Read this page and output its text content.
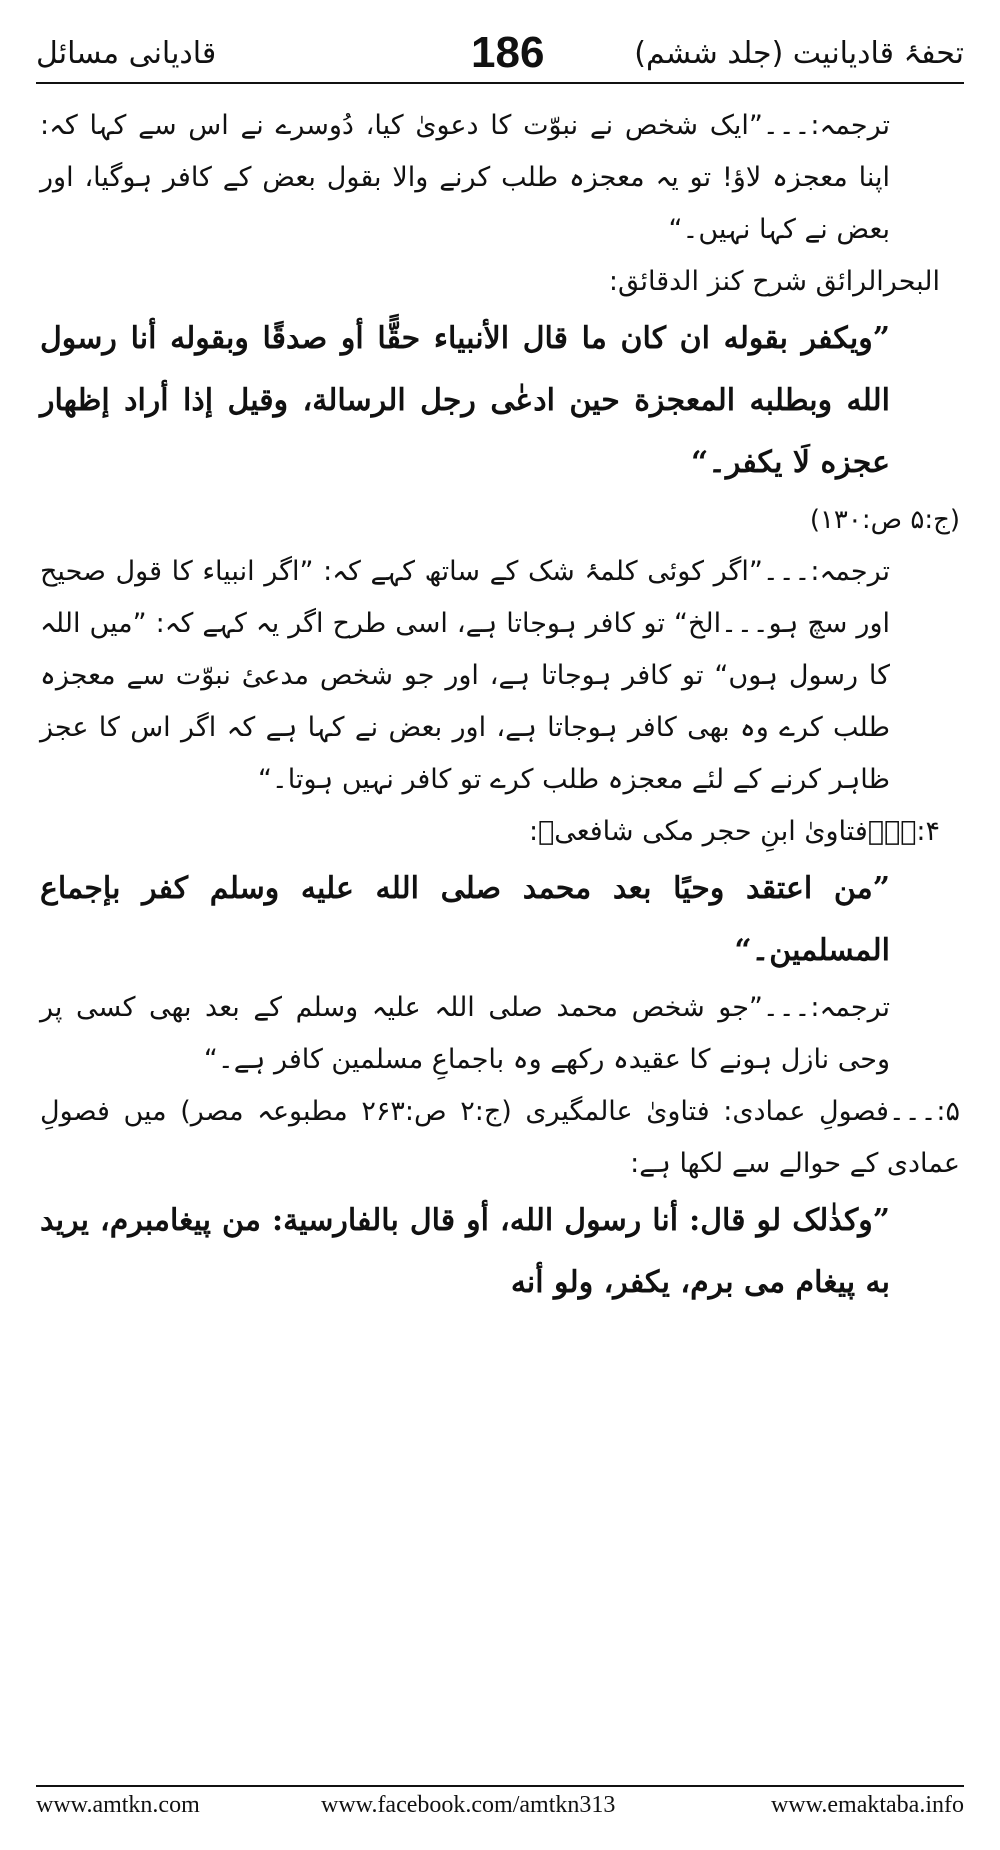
قادیانی مسائل	186	تحفۂ قادیانیت (جلد ششم)

ترجمہ:۔۔۔”ایک شخص نے نبوّت کا دعویٰ کیا، دُوسرے نے اس سے کہا کہ: اپنا معجزہ لاؤ! تو یہ معجزہ طلب کرنے والا بقول بعض کے کافر ہوگیا، اور بعض نے کہا نہیں۔“

البحرالرائق شرح کنز الدقائق:

”ویکفر بقوله ان کان ما قال الأنبیاء حقًّا أو صدقًا وبقوله أنا رسول الله وبطلبه المعجزة حین ادعٰی رجل الرسالة، وقیل إذا أراد إظهار عجزه لَا یکفر۔“

(ج:۵ ص:۱۳۰)

ترجمہ:۔۔۔”اگر کوئی کلمۂ شک کے ساتھ کہے کہ: ”اگر انبیاء کا قول صحیح اور سچ ہو۔۔۔الخ“ تو کافر ہوجاتا ہے، اسی طرح اگر یہ کہے کہ: ”میں اللہ کا رسول ہوں“ تو کافر ہوجاتا ہے، اور جو شخص مدعیٔ نبوّت سے معجزہ طلب کرے وہ بھی کافر ہوجاتا ہے، اور بعض نے کہا ہے کہ اگر اس کا عجز ظاہر کرنے کے لئے معجزہ طلب کرے تو کافر نہیں ہوتا۔“

۴:۔۔۔فتاویٰ ابنِ حجر مکی شافعیؒ:

”من اعتقد وحیًا بعد محمد صلی الله علیه وسلم کفر بإجماع المسلمین۔“

ترجمہ:۔۔۔”جو شخص محمد صلی اللہ علیہ وسلم کے بعد بھی کسی پر وحی نازل ہونے کا عقیدہ رکھے وہ باجماعِ مسلمین کافر ہے۔“

۵:۔۔۔فصولِ عمادی: فتاویٰ عالمگیری (ج:۲ ص:۲۶۳ مطبوعہ مصر) میں فصولِ عمادی کے حوالے سے لکھا ہے:

”وکذٰلک لو قال: أنا رسول الله، أو قال بالفارسیة: من پیغامبرم، یرید به پیغام می برم، یکفر، ولو أنه

www.amtkn.com	www.facebook.com/amtkn313	www.emaktaba.info
